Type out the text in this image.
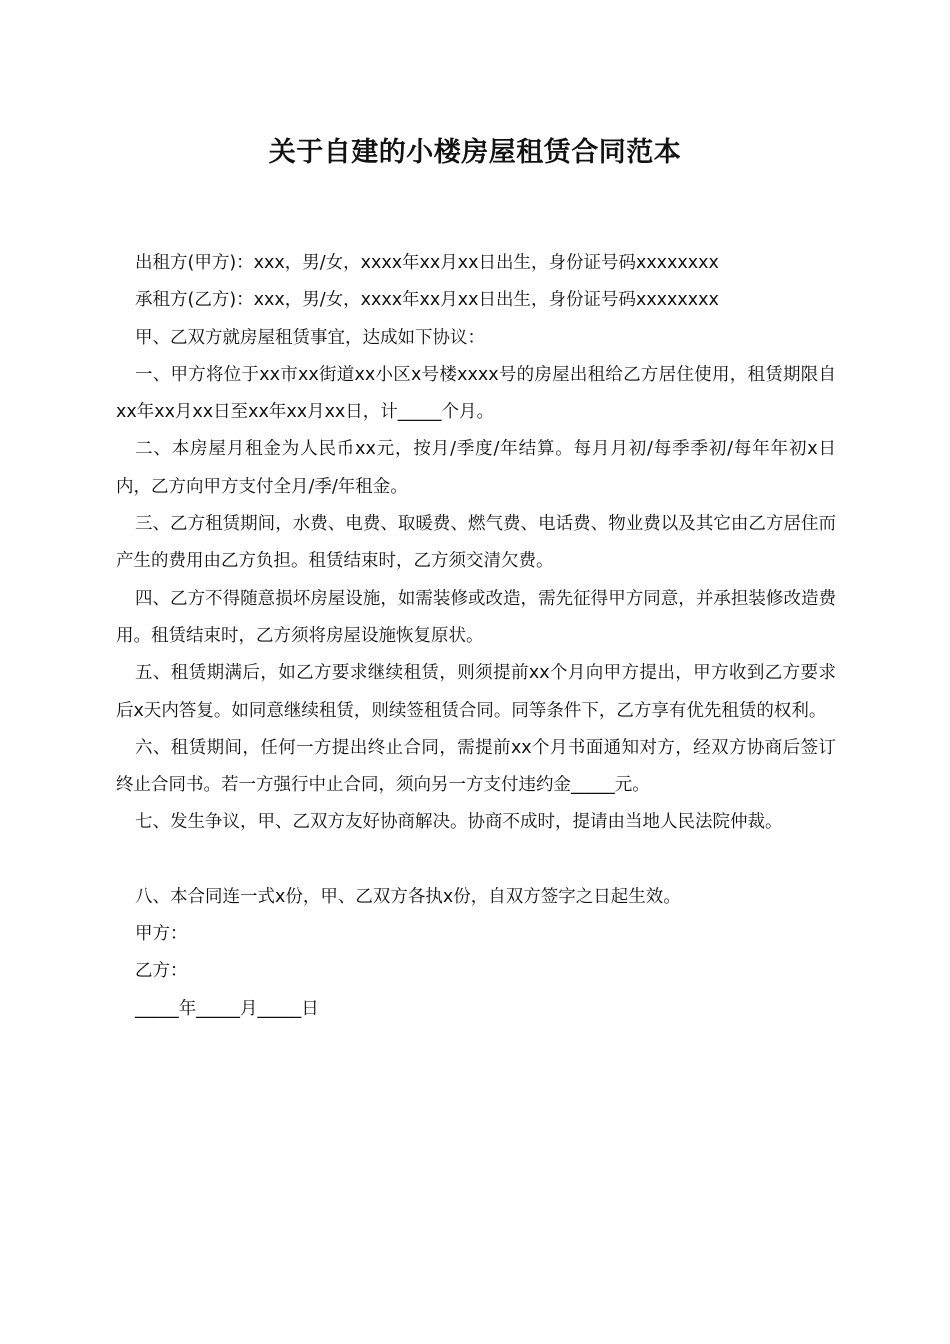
关于自建的小楼房屋租赁合同范本

出租方(甲方)：xxx，男/女，xxxx年xx月xx日出生，身份证号码xxxxxxxx

承租方(乙方)：xxx，男/女，xxxx年xx月xx日出生，身份证号码xxxxxxxx

甲、乙双方就房屋租赁事宜，达成如下协议：

一、甲方将位于xx市xx街道xx小区x号楼xxxx号的房屋出租给乙方居住使用，租赁期限自xx年xx月xx日至xx年xx月xx日，计_____个月。

二、本房屋月租金为人民币xx元，按月/季度/年结算。每月月初/每季季初/每年年初x日内，乙方向甲方支付全月/季/年租金。

三、乙方租赁期间，水费、电费、取暖费、燃气费、电话费、物业费以及其它由乙方居住而产生的费用由乙方负担。租赁结束时，乙方须交清欠费。

四、乙方不得随意损坏房屋设施，如需装修或改造，需先征得甲方同意，并承担装修改造费用。租赁结束时，乙方须将房屋设施恢复原状。

五、租赁期满后，如乙方要求继续租赁，则须提前xx个月向甲方提出，甲方收到乙方要求后x天内答复。如同意继续租赁，则续签租赁合同。同等条件下，乙方享有优先租赁的权利。

六、租赁期间，任何一方提出终止合同，需提前xx个月书面通知对方，经双方协商后签订终止合同书。若一方强行中止合同，须向另一方支付违约金_____元。

七、发生争议，甲、乙双方友好协商解决。协商不成时，提请由当地人民法院仲裁。

八、本合同连一式x份，甲、乙双方各执x份，自双方签字之日起生效。

甲方：

乙方：

_____年_____月_____日
